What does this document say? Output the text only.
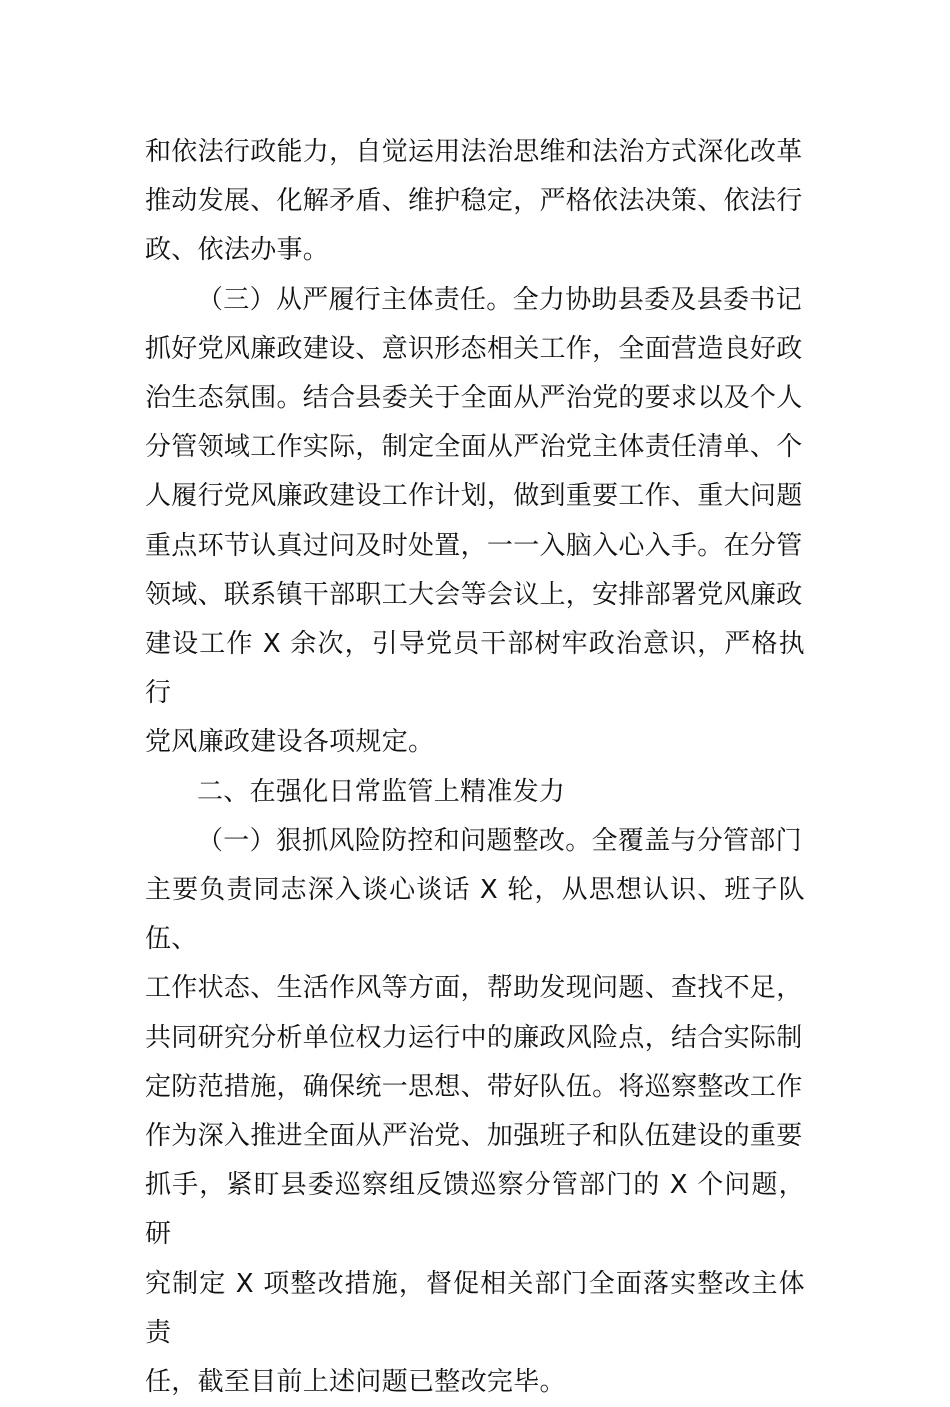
和依法行政能力，自觉运用法治思维和法治方式深化改革
推动发展、化解矛盾、维护稳定，严格依法决策、依法行
政、依法办事。
（三）从严履行主体责任。全力协助县委及县委书记
抓好党风廉政建设、意识形态相关工作，全面营造良好政
治生态氛围。结合县委关于全面从严治党的要求以及个人
分管领域工作实际，制定全面从严治党主体责任清单、个
人履行党风廉政建设工作计划，做到重要工作、重大问题
重点环节认真过问及时处置，一一入脑入心入手。在分管
领域、联系镇干部职工大会等会议上，安排部署党风廉政
建设工作 X 余次，引导党员干部树牢政治意识，严格执行
党风廉政建设各项规定。
二、在强化日常监管上精准发力
（一）狠抓风险防控和问题整改。全覆盖与分管部门
主要负责同志深入谈心谈话 X 轮，从思想认识、班子队伍、
工作状态、生活作风等方面，帮助发现问题、查找不足，
共同研究分析单位权力运行中的廉政风险点，结合实际制
定防范措施，确保统一思想、带好队伍。将巡察整改工作
作为深入推进全面从严治党、加强班子和队伍建设的重要
抓手，紧盯县委巡察组反馈巡察分管部门的 X 个问题，研
究制定 X 项整改措施，督促相关部门全面落实整改主体责
任，截至目前上述问题已整改完毕。
